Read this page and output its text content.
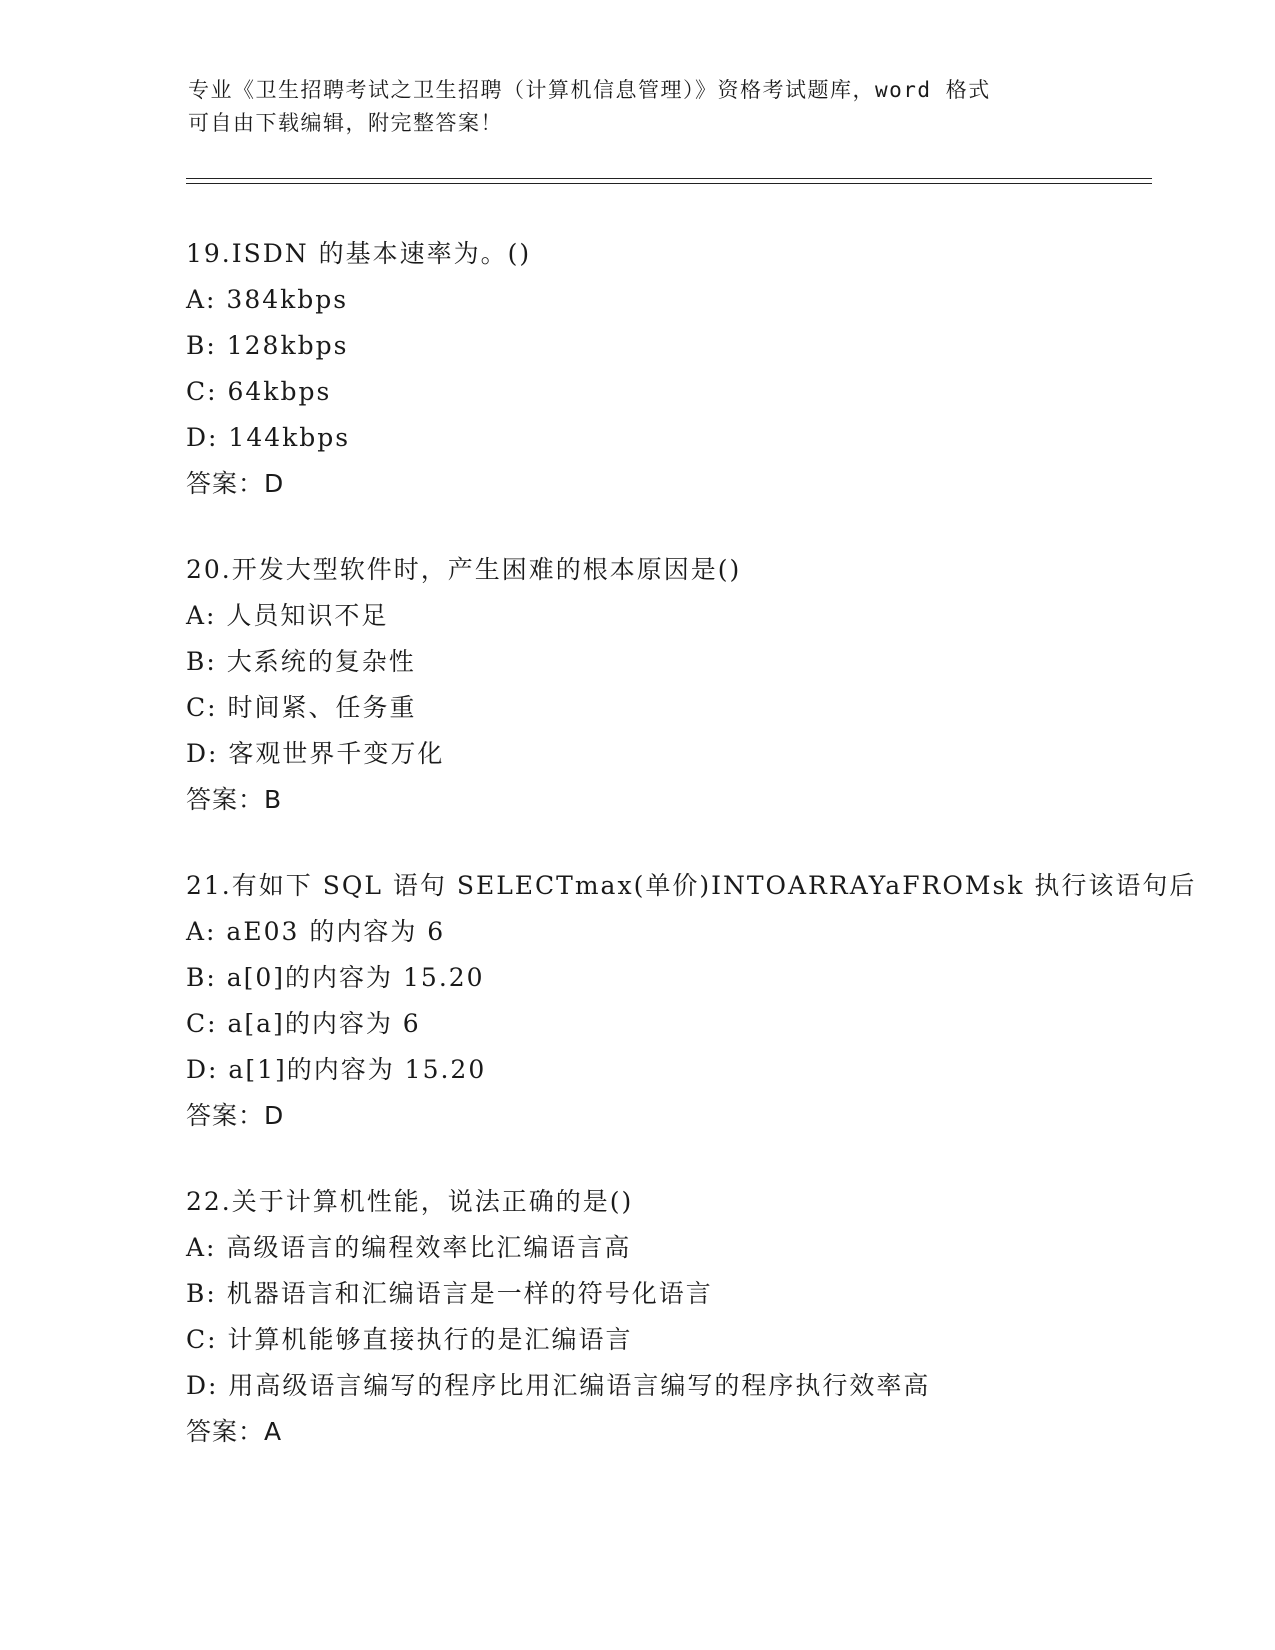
专业《卫生招聘考试之卫生招聘（计算机信息管理）》资格考试题库，word 格式
可自由下载编辑，附完整答案！
19.ISDN 的基本速率为。()
A: 384kbps
B: 128kbps
C: 64kbps
D: 144kbps
答案：D
20.开发大型软件时，产生困难的根本原因是()
A: 人员知识不足
B: 大系统的复杂性
C: 时间紧、任务重
D: 客观世界千变万化
答案：B
21.有如下 SQL 语句 SELECTmax(单价)INTOARRAYaFROMsk 执行该语句后
A: aE03 的内容为 6
B: a[0]的内容为 15.20
C: a[a]的内容为 6
D: a[1]的内容为 15.20
答案：D
22.关于计算机性能，说法正确的是()
A: 高级语言的编程效率比汇编语言高
B: 机器语言和汇编语言是一样的符号化语言
C: 计算机能够直接执行的是汇编语言
D: 用高级语言编写的程序比用汇编语言编写的程序执行效率高
答案：A
